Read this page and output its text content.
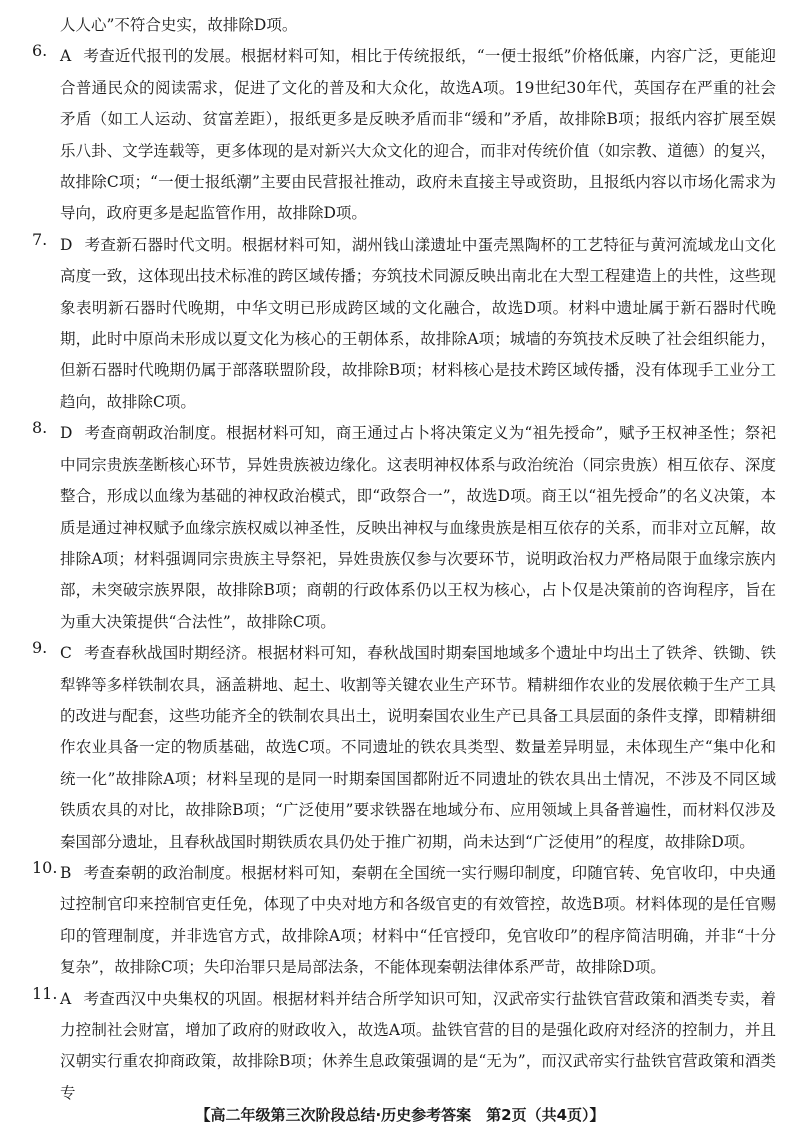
人人心”不符合史实，故排除D项。

6. A 考查近代报刊的发展。根据材料可知，相比于传统报纸，“一便士报纸”价格低廉，内容广泛，更能迎合普通民众的阅读需求，促进了文化的普及和大众化，故选A项。19世纪30年代，英国存在严重的社会矛盾（如工人运动、贫富差距），报纸更多是反映矛盾而非“缓和”矛盾，故排除B项；报纸内容扩展至娱乐八卦、文学连载等，更多体现的是对新兴大众文化的迎合，而非对传统价值（如宗教、道德）的复兴，故排除C项；“一便士报纸潮”主要由民营报社推动，政府未直接主导或资助，且报纸内容以市场化需求为导向，政府更多是起监管作用，故排除D项。

7. D 考查新石器时代文明。根据材料可知，湖州钱山漾遗址中蛋壳黑陶杯的工艺特征与黄河流域龙山文化高度一致，这体现出技术标准的跨区域传播；夯筑技术同源反映出南北在大型工程建造上的共性，这些现象表明新石器时代晚期，中华文明已形成跨区域的文化融合，故选D项。材料中遗址属于新石器时代晚期，此时中原尚未形成以夏文化为核心的王朝体系，故排除A项；城墙的夯筑技术反映了社会组织能力，但新石器时代晚期仍属于部落联盟阶段，故排除B项；材料核心是技术跨区域传播，没有体现手工业分工趋向，故排除C项。

8. D 考查商朝政治制度。根据材料可知，商王通过占卜将决策定义为“祖先授命”，赋予王权神圣性；祭祀中同宗贵族垄断核心环节，异姓贵族被边缘化。这表明神权体系与政治统治（同宗贵族）相互依存、深度整合，形成以血缘为基础的神权政治模式，即“政祭合一”，故选D项。商王以“祖先授命”的名义决策，本质是通过神权赋予血缘宗族权威以神圣性，反映出神权与血缘贵族是相互依存的关系，而非对立瓦解，故排除A项；材料强调同宗贵族主导祭祀，异姓贵族仅参与次要环节，说明政治权力严格局限于血缘宗族内部，未突破宗族界限，故排除B项；商朝的行政体系仍以王权为核心，占卜仅是决策前的咨询程序，旨在为重大决策提供“合法性”，故排除C项。

9. C 考查春秋战国时期经济。根据材料可知，春秋战国时期秦国地域多个遗址中均出土了铁斧、铁锄、铁犁铧等多样铁制农具，涵盖耕地、起土、收割等关键农业生产环节。精耕细作农业的发展依赖于生产工具的改进与配套，这些功能齐全的铁制农具出土，说明秦国农业生产已具备工具层面的条件支撑，即精耕细作农业具备一定的物质基础，故选C项。不同遗址的铁农具类型、数量差异明显，未体现生产“集中化和统一化”故排除A项；材料呈现的是同一时期秦国国都附近不同遗址的铁农具出土情况，不涉及不同区域铁质农具的对比，故排除B项；“广泛使用”要求铁器在地域分布、应用领域上具备普遍性，而材料仅涉及秦国部分遗址，且春秋战国时期铁质农具仍处于推广初期，尚未达到“广泛使用”的程度，故排除D项。

10. B 考查秦朝的政治制度。根据材料可知，秦朝在全国统一实行赐印制度，印随官转、免官收印，中央通过控制官印来控制官吏任免，体现了中央对地方和各级官吏的有效管控，故选B项。材料体现的是任官赐印的管理制度，并非选官方式，故排除A项；材料中“任官授印，免官收印”的程序简洁明确，并非“十分复杂”，故排除C项；失印治罪只是局部法条，不能体现秦朝法律体系严苛，故排除D项。

11. A 考查西汉中央集权的巩固。根据材料并结合所学知识可知，汉武帝实行盐铁官营政策和酒类专卖，着力控制社会财富，增加了政府的财政收入，故选A项。盐铁官营的目的是强化政府对经济的控制力，并且汉朝实行重农抑商政策，故排除B项；休养生息政策强调的是“无为”，而汉武帝实行盐铁官营政策和酒类专

【高二年级第三次阶段总结·历史参考答案　第2页（共4页）】
